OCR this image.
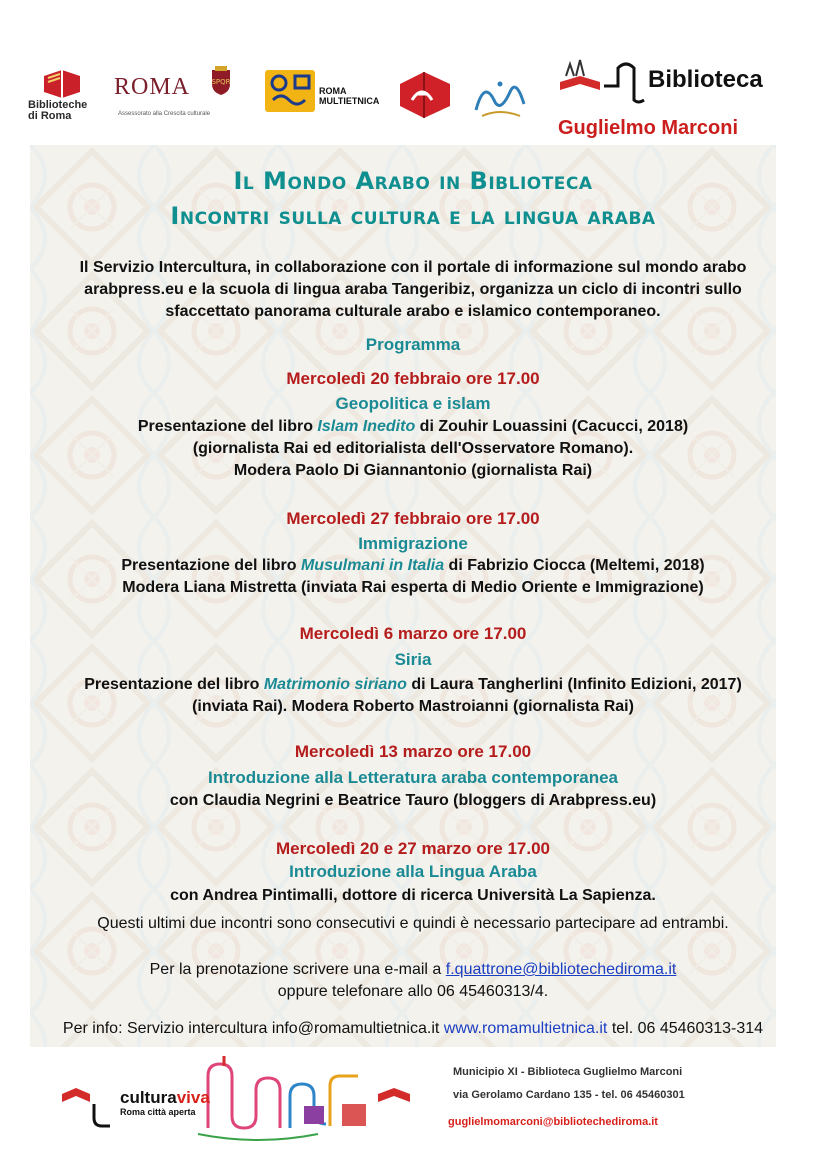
Biblioteche
di Roma
ROMA	SPQR
Assessorato alla Crescita culturale
ROMA
MULTIETNICA
Biblioteca
Guglielmo Marconi
Il Mondo Arabo in Biblioteca
Incontri sulla cultura e la lingua araba
Il Servizio Intercultura, in collaborazione con il portale di informazione sul mondo arabo arabpress.eu e la scuola di lingua araba Tangeribiz, organizza un ciclo di incontri sullo sfaccettato panorama culturale arabo e islamico contemporaneo.
Programma
Mercoledì 20 febbraio ore 17.00
Geopolitica e islam
Presentazione del libro Islam Inedito di Zouhir Louassini (Cacucci, 2018)
(giornalista Rai ed editorialista dell'Osservatore Romano).
Modera Paolo Di Giannantonio (giornalista Rai)
Mercoledì 27 febbraio ore 17.00
Immigrazione
Presentazione del libro Musulmani in Italia di Fabrizio Ciocca (Meltemi, 2018)
Modera Liana Mistretta (inviata Rai esperta di Medio Oriente e Immigrazione)
Mercoledì 6 marzo ore 17.00
Siria
Presentazione del libro Matrimonio siriano di Laura Tangherlini (Infinito Edizioni, 2017)
(inviata Rai). Modera Roberto Mastroianni (giornalista Rai)
Mercoledì 13 marzo ore 17.00
Introduzione alla Letteratura araba contemporanea
con Claudia Negrini e Beatrice Tauro (bloggers di Arabpress.eu)
Mercoledì 20 e 27 marzo ore 17.00
Introduzione alla Lingua Araba
con Andrea Pintimalli, dottore di ricerca Università La Sapienza.
Questi ultimi due incontri sono consecutivi e quindi è necessario partecipare ad entrambi.
Per la prenotazione scrivere una e-mail a f.quattrone@bibliotechediroma.it
oppure telefonare allo 06 45460313/4.
Per info: Servizio intercultura info@romamultietnica.it www.romamultietnica.it tel. 06 45460313-314
culturaviva
Roma città aperta
Municipio XI - Biblioteca Guglielmo Marconi
via Gerolamo Cardano 135 - tel. 06 45460301
guglielmomarconi@bibliotechediroma.it
